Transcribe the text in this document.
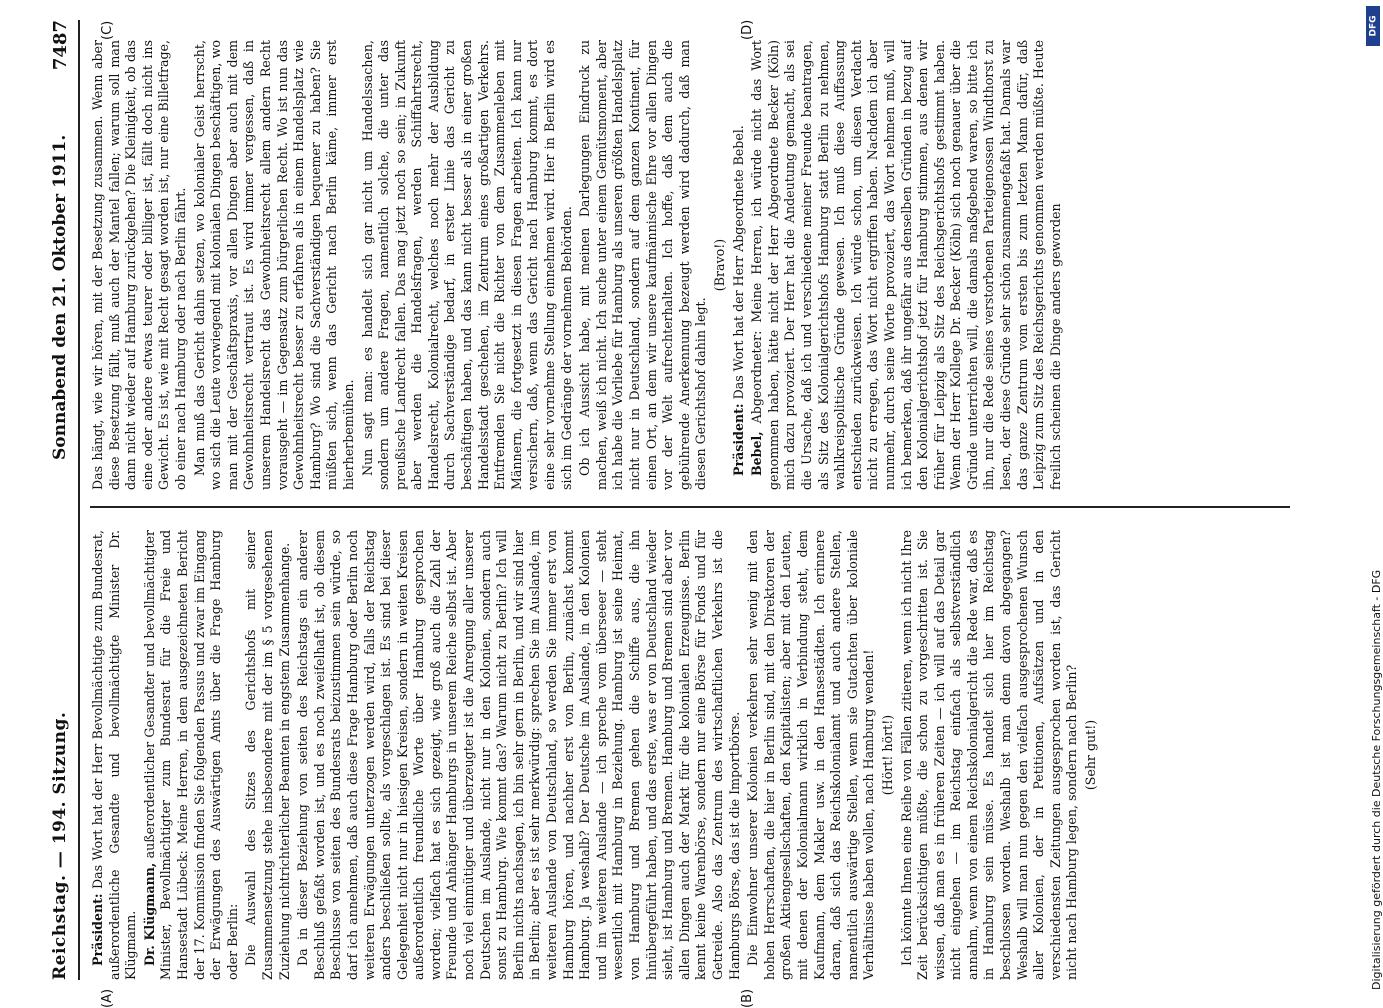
Reichstag. — 194. Sitzung.
Sonnabend den 21. Oktober 1911.
7487

Präsident: Das Wort hat der Herr Bevollmächtigte zum Bundesrat, außerordentliche Gesandte und bevollmächtigte Minister Dr. Klügmann. Dr. Klügmann, außerordentlicher Gesandter und bevollmächtigter Minister, Bevollmächtigter zum Bundesrat für die Freie und Hansestadt Lübeck: Meine Herren, in dem ausgezeichneten Bericht der 17. Kommission finden Sie folgenden Passus und zwar im Eingang der Erwägungen des Auswärtigen Amts über die Frage Hamburg oder Berlin: Die Auswahl des Sitzes des Gerichtshofs mit seiner Zusammensetzung stehe insbesondere mit der im § 5 vorgesehenen Zuziehung nichtrichterlicher Beamten in engstem Zusammenhange. Da in dieser Beziehung von seiten des Reichstags ein anderer Beschluß gefaßt worden ist, und es noch zweifelhaft ist, ob diesem Beschlusse von seiten des Bundesrats beizustimmen sein würde, so darf ich annehmen, daß auch diese Frage Hamburg oder Berlin noch weiteren Erwägungen unterzogen werden wird, falls der Reichstag anders beschließen sollte, als vorgeschlagen ist. Es sind bei dieser Gelegenheit nicht nur in hiesigen Kreisen, sondern in weiten Kreisen außerordentlich freundliche Worte über Hamburg gesprochen worden; vielfach hat es sich gezeigt, wie groß auch die Zahl der Freunde und Anhänger Hamburgs in unserem Reiche selbst ist. Aber noch viel einmütiger und überzeugter ist die Anregung aller unserer Deutschen im Auslande, nicht nur in den Kolonien, sondern auch sonst zu Hamburg. Wie kommt das? Warum nicht zu Berlin? Ich will Berlin nichts nachsagen, ich bin sehr gern in Berlin, und wir sind hier in Berlin; aber es ist sehr merkwürdig: sprechen Sie im Auslande, im weiteren Auslande von Deutschland, so werden Sie immer erst von Hamburg hören, und nachher erst von Berlin, zunächst kommt Hamburg. Ja weshalb? Der Deutsche im Auslande, in den Kolonien und im weiteren Auslande — ich spreche vom überseeer — steht wesentlich mit Hamburg in Beziehung. Hamburg ist seine Heimat, von Hamburg und Bremen gehen die Schiffe aus, die ihn hinübergeführt haben, und das erste, was er von Deutschland wieder sieht, ist Hamburg und Bremen. Hamburg und Bremen sind aber vor allen Dingen auch der Markt für die kolonialen Erzeugnisse. Berlin kennt keine Warenbörse, sondern nur eine Börse für Fonds und für Getreide. Also das Zentrum des wirtschaftlichen Verkehrs ist die Hamburgs Börse, das ist die Importbörse. Die Einwohner unserer Kolonien verkehren sehr wenig mit den hohen Herrschaften, die hier in Berlin sind, mit den Direktoren der großen Aktiengesellschaften, den Kapitalisten; aber mit den Leuten, mit denen der Kolonialmann wirklich in Verbindung steht, dem Kaufmann, dem Makler usw. in den Hansestädten. Ich erinnere daran, daß sich das Reichskolonialamt und auch andere Stellen, namentlich auswärtige Stellen, wenn sie Gutachten über koloniale Verhältnisse haben wollen, nach Hamburg wenden! (Hört! hört!) Ich könnte Ihnen eine Reihe von Fällen zitieren, wenn ich nicht Ihre Zeit berücksichtigen müßte, die schon zu vorgeschritten ist. Sie wissen, daß man es in früheren Zeiten — ich will auf das Detail gar nicht eingehen — im Reichstag einfach als selbstverständlich annahm, wenn von einem Reichskolonialgericht die Rede war, daß es in Hamburg sein müsse. Es handelt sich hier im Reichstag beschlossen worden. Weshalb ist man denn davon abgegangen? Weshalb will man nun gegen den vielfach ausgesprochenen Wunsch aller Kolonien, der in Petitionen, Aufsätzen und in den verschiedensten Zeitungen ausgesprochen worden ist, das Gericht nicht nach Hamburg legen, sondern nach Berlin? (Sehr gut!)

Das hängt, wie wir hören, mit der Besetzung zusammen. Wenn aber diese Besetzung fällt, muß auch der Mantel fallen; warum soll man dann nicht wieder auf Hamburg zurückgehen? Die Kleinigkeit, ob das eine oder andere etwas teurer oder billiger ist, fällt doch nicht ins Gewicht. Es ist, wie mit Recht gesagt worden ist, nur eine Billetfrage, ob einer nach Hamburg oder nach Berlin fährt. Man muß das Gericht dahin setzen, wo kolonialer Geist herrscht, wo sich die Leute vorwiegend mit kolonialen Dingen beschäftigen, wo man mit der Geschäftspraxis, vor allen Dingen aber auch mit dem Gewohnheitsrecht vertraut ist. Es wird immer vergessen, daß in unserem Handelsrecht das Gewohnheitsrecht allem andern Recht vorausgeht — im Gegensatz zum bürgerlichen Recht. Wo ist nun das Gewohnheitsrecht besser zu erfahren als in einem Handelsplatz wie Hamburg? Wo sind die Sachverständigen bequemer zu haben? Sie müßten sich, wenn das Gericht nach Berlin käme, immer erst hierherbemühen. Nun sagt man: es handelt sich gar nicht um Handelssachen, sondern um andere Fragen, namentlich solche, die unter das preußische Landrecht fallen. Das mag jetzt noch so sein; in Zukunft aber werden die Handelsfragen, werden Schiffahrtsrecht, Handelsrecht, Kolonialrecht, welches noch mehr der Ausbildung durch Sachverständige bedarf, in erster Linie das Gericht zu beschäftigen haben, und das kann nicht besser als in einer großen Handelsstadt geschehen, im Zentrum eines großartigen Verkehrs. Entfremden Sie nicht die Richter von dem Zusammenleben mit Männern, die fortgesetzt in diesen Fragen arbeiten. Ich kann nur versichern, daß, wenn das Gericht nach Hamburg kommt, es dort eine sehr vornehme Stellung einnehmen wird. Hier in Berlin wird es sich im Gedränge der vornehmen Behörden. Ob ich Aussicht habe, mit meinen Darlegungen Eindruck zu machen, weiß ich nicht. Ich suche unter einem Gemütsmoment, aber ich habe die Vorliebe für Hamburg als unseren größten Handelsplatz nicht nur in Deutschland, sondern auf dem ganzen Kontinent, für einen Ort, an dem wir unsere kaufmännische Ehre vor allen Dingen vor der Welt aufrechterhalten. Ich hoffe, daß dem auch die gebührende Anerkennung bezeugt werden wird dadurch, daß man diesen Gerichtshof dahin legt.

(Bravo!)

Präsident: Das Wort hat der Herr Abgeordnete Bebel.

Bebel, Abgeordneter: Meine Herren, ich würde nicht das Wort genommen haben, hätte nicht der Herr Abgeordnete Becker (Köln) mich dazu provoziert. Der Herr hat die Andeutung gemacht, als sei die Ursache, daß ich und verschiedene meiner Freunde beantragen, als Sitz des Kolonialgerichtshofs Hamburg statt Berlin zu nehmen, wahlkreispolitische Gründe gewesen. Ich muß diese Auffassung entschieden zurückweisen. Ich würde schon, um diesen Verdacht nicht zu erregen, das Wort nicht ergriffen haben. Nachdem ich aber nunmehr, durch seine Worte provoziert, das Wort nehmen muß, will ich bemerken, daß ihr ungefähr aus denselben Gründen in bezug auf den Kolonialgerichtshof jetzt für Hamburg stimmen, aus denen wir früher für Leipzig als Sitz des Reichsgerichtshofs gestimmt haben. Wenn der Herr Kollege Dr. Becker (Köln) sich noch genauer über die Gründe unterrichten will, die damals maßgebend waren, so bitte ich ihn, nur die Rede seines verstorbenen Parteigenossen Windthorst zu lesen, der diese Gründe sehr schön zusammengefaßt hat. Damals war das ganze Zentrum vom ersten bis zum letzten Mann dafür, daß Leipzig zum Sitz des Reichsgerichts genommen werden müßte. Heute freilich scheinen die Dinge anders geworden

(A)	(B)
(C)	(D)	DFG
Digitalisierung gefördert durch die Deutsche Forschungsgemeinschaft - DFG
